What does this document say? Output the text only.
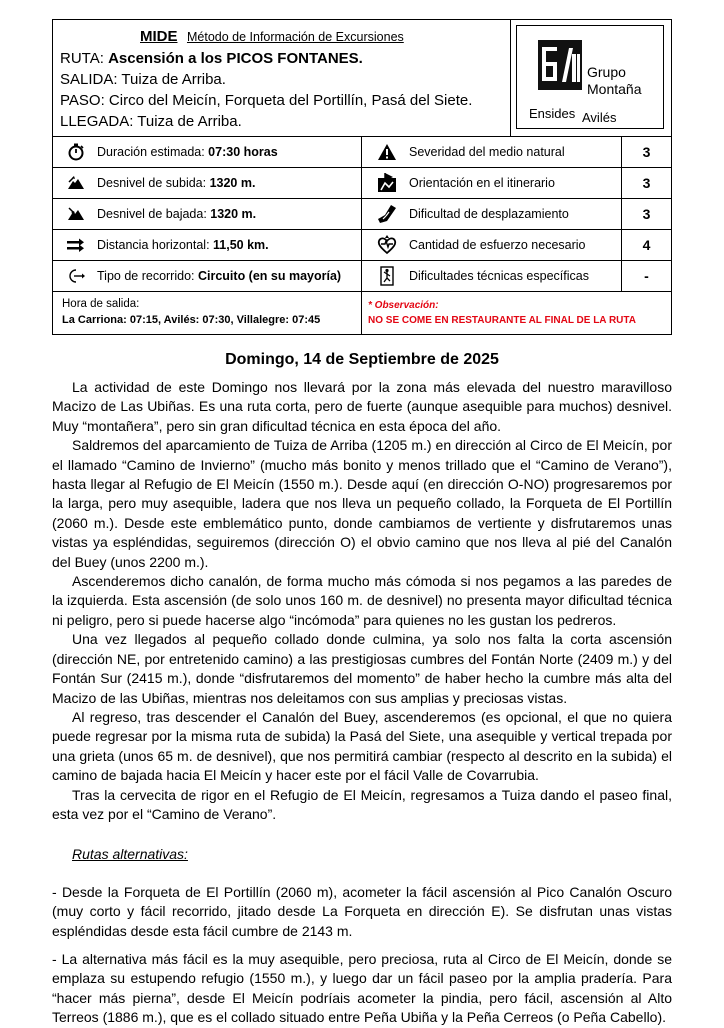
MIDE Método de Información de Excursiones
RUTA: Ascensión a los PICOS FONTANES.
SALIDA: Tuiza de Arriba.
PASO: Circo del Meicín, Forqueta del Portillín, Pasá del Siete.
LLEGADA: Tuiza de Arriba.
Grupo
Montaña
Ensides Avilés
Duración estimada: 07:30 horas	Severidad del medio natural	3
Desnivel de subida: 1320 m.	Orientación en el itinerario	3
Desnivel de bajada: 1320 m.	Dificultad de desplazamiento	3
Distancia horizontal: 11,50 km.	Cantidad de esfuerzo necesario	4
Tipo de recorrido: Circuito (en su mayoría)	Dificultades técnicas específicas	-
Hora de salida:
La Carriona: 07:15, Avilés: 07:30, Villalegre: 07:45
* Observación:
NO SE COME EN RESTAURANTE AL FINAL DE LA RUTA
Domingo, 14 de Septiembre de 2025

La actividad de este Domingo nos llevará por la zona más elevada del nuestro maravilloso Macizo de Las Ubiñas. Es una ruta corta, pero de fuerte (aunque asequible para muchos) desnivel. Muy “montañera”, pero sin gran dificultad técnica en esta época del año.

Saldremos del aparcamiento de Tuiza de Arriba (1205 m.) en dirección al Circo de El Meicín, por el llamado “Camino de Invierno” (mucho más bonito y menos trillado que el “Camino de Verano”), hasta llegar al Refugio de El Meicín (1550 m.). Desde aquí (en dirección O-NO) progresaremos por la larga, pero muy asequible, ladera que nos lleva un pequeño collado, la Forqueta de El Portillín (2060 m.). Desde este emblemático punto, donde cambiamos de vertiente y disfrutaremos unas vistas ya espléndidas, seguiremos (dirección O) el obvio camino que nos lleva al pié del Canalón del Buey (unos 2200 m.).

Ascenderemos dicho canalón, de forma mucho más cómoda si nos pegamos a las paredes de la izquierda. Esta ascensión (de solo unos 160 m. de desnivel) no presenta mayor dificultad técnica ni peligro, pero si puede hacerse algo “incómoda” para quienes no les gustan los pedreros.

Una vez llegados al pequeño collado donde culmina, ya solo nos falta la corta ascensión (dirección NE, por entretenido camino) a las prestigiosas cumbres del Fontán Norte (2409 m.) y del Fontán Sur (2415 m.), donde “disfrutaremos del momento” de haber hecho la cumbre más alta del Macizo de las Ubiñas, mientras nos deleitamos con sus amplias y preciosas vistas.

Al regreso, tras descender el Canalón del Buey, ascenderemos (es opcional, el que no quiera puede regresar por la misma ruta de subida) la Pasá del Siete, una asequible y vertical trepada por una grieta (unos 65 m. de desnivel), que nos permitirá cambiar (respecto al descrito en la subida) el camino de bajada hacia El Meicín y hacer este por el fácil Valle de Covarrubia.

Tras la cervecita de rigor en el Refugio de El Meicín, regresamos a Tuiza dando el paseo final, esta vez por el “Camino de Verano”.

Rutas alternativas:

- Desde la Forqueta de El Portillín (2060 m), acometer la fácil ascensión al Pico Canalón Oscuro (muy corto y fácil recorrido, jitado desde La Forqueta en dirección E). Se disfrutan unas vistas espléndidas desde esta fácil cumbre de 2143 m.

- La alternativa más fácil es la muy asequible, pero preciosa, ruta al Circo de El Meicín, donde se emplaza su estupendo refugio (1550 m.), y luego dar un fácil paseo por la amplia pradería. Para “hacer más pierna”, desde El Meicín podríais acometer la pindia, pero fácil, ascensión al Alto Terreos (1886 m.), que es el collado situado entre Peña Ubiña y la Peña Cerreos (o Peña Cabello).
